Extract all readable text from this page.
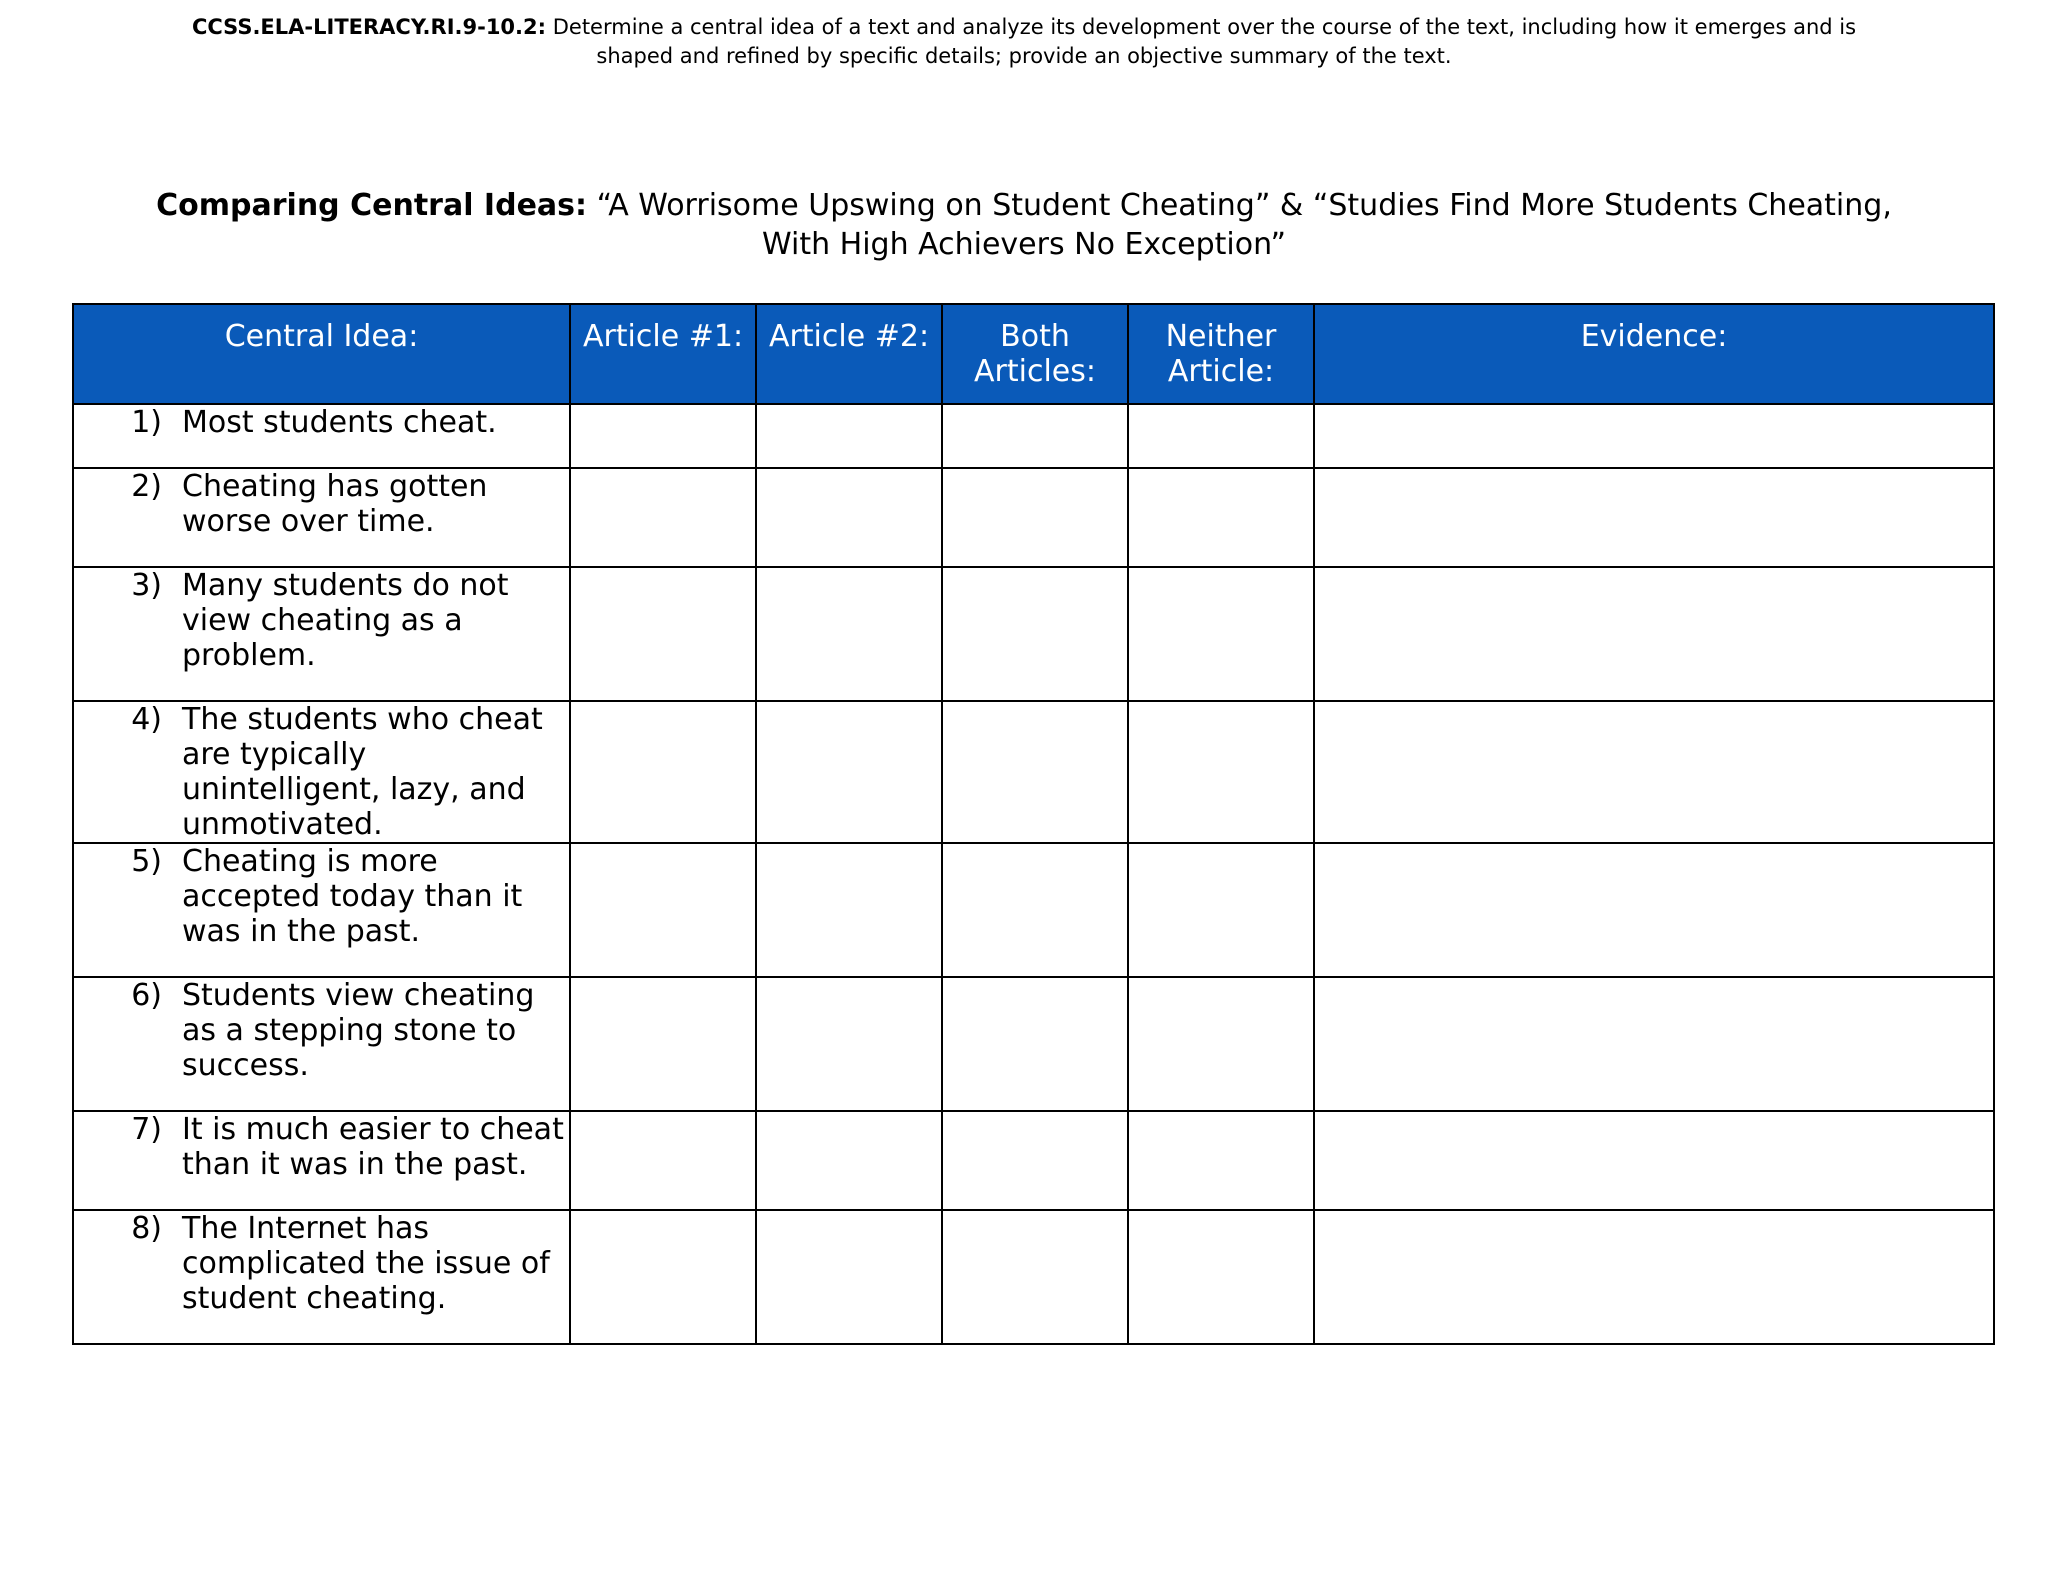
CCSS.ELA-LITERACY.RI.9-10.2: Determine a central idea of a text and analyze its development over the course of the text, including how it emerges and is shaped and refined by specific details; provide an objective summary of the text.
Comparing Central Ideas: “A Worrisome Upswing on Student Cheating” & “Studies Find More Students Cheating, With High Achievers No Exception”
Central Idea:	Article #1:	Article #2:	Both Articles:	Neither Article:	Evidence:

1) Most students cheat.					

2) Cheating has gotten worse over time.					

3) Many students do not view cheating as a problem.					

4) The students who cheat are typically unintelligent, lazy, and unmotivated.					

5) Cheating is more accepted today than it was in the past.					

6) Students view cheating as a stepping stone to success.					

7) It is much easier to cheat than it was in the past.					

8) The Internet has complicated the issue of student cheating.					
